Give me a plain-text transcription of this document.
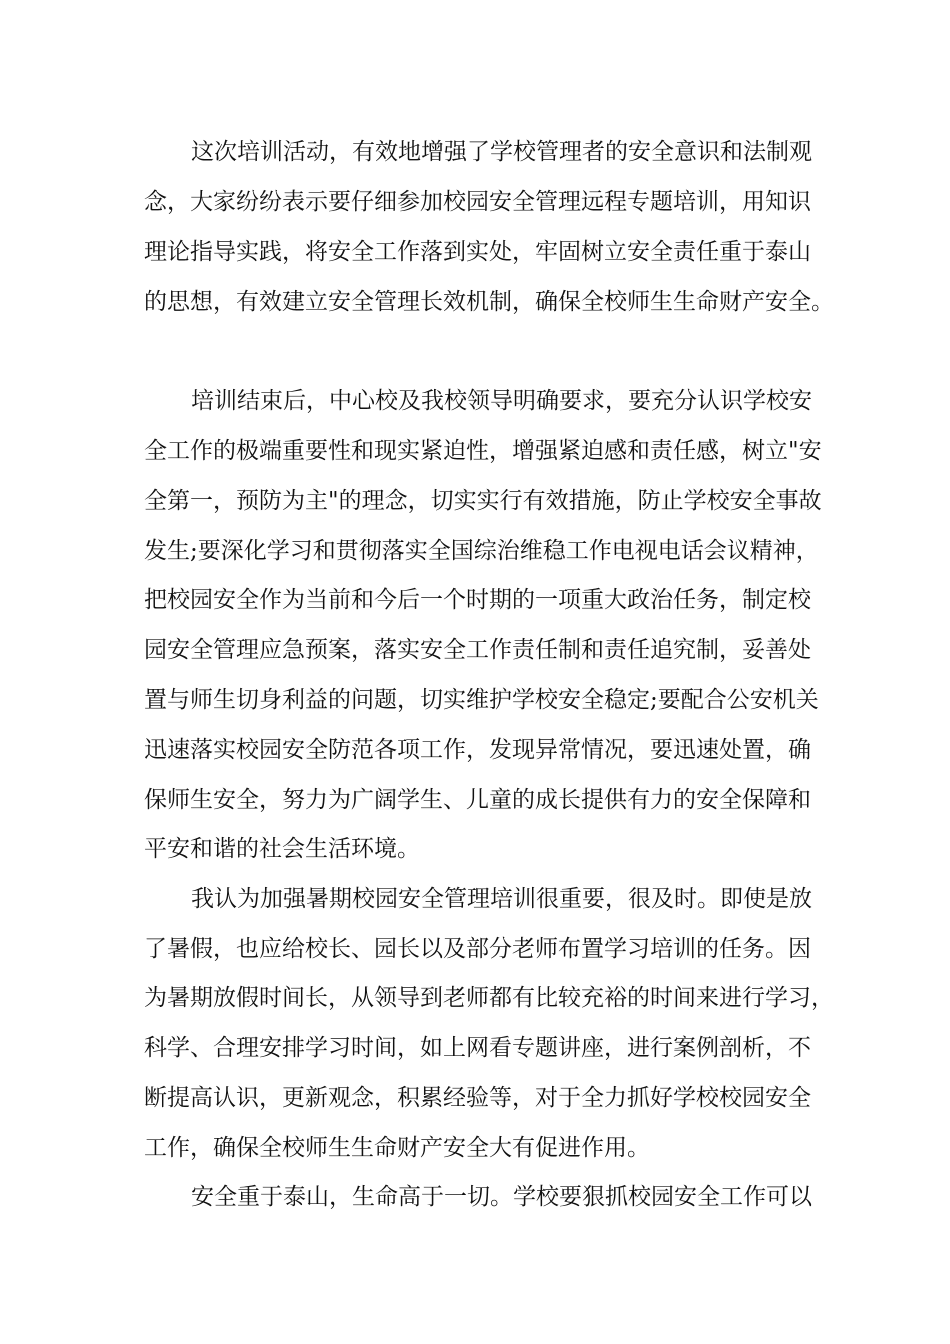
这次培训活动，有效地增强了学校管理者的安全意识和法制观

念，大家纷纷表示要仔细参加校园安全管理远程专题培训，用知识

理论指导实践，将安全工作落到实处，牢固树立安全责任重于泰山

的思想，有效建立安全管理长效机制，确保全校师生生命财产安全。

培训结束后，中心校及我校领导明确要求，要充分认识学校安

全工作的极端重要性和现实紧迫性，增强紧迫感和责任感，树立"安

全第一，预防为主"的理念，切实实行有效措施，防止学校安全事故

发生;要深化学习和贯彻落实全国综治维稳工作电视电话会议精神，

把校园安全作为当前和今后一个时期的一项重大政治任务，制定校

园安全管理应急预案，落实安全工作责任制和责任追究制，妥善处

置与师生切身利益的问题，切实维护学校安全稳定;要配合公安机关

迅速落实校园安全防范各项工作，发现异常情况，要迅速处置，确

保师生安全，努力为广阔学生、儿童的成长提供有力的安全保障和

平安和谐的社会生活环境。

我认为加强暑期校园安全管理培训很重要，很及时。即使是放

了暑假，也应给校长、园长以及部分老师布置学习培训的任务。因

为暑期放假时间长，从领导到老师都有比较充裕的时间来进行学习，

科学、合理安排学习时间，如上网看专题讲座，进行案例剖析，不

断提高认识，更新观念，积累经验等，对于全力抓好学校校园安全

工作，确保全校师生生命财产安全大有促进作用。

安全重于泰山，生命高于一切。学校要狠抓校园安全工作可以
